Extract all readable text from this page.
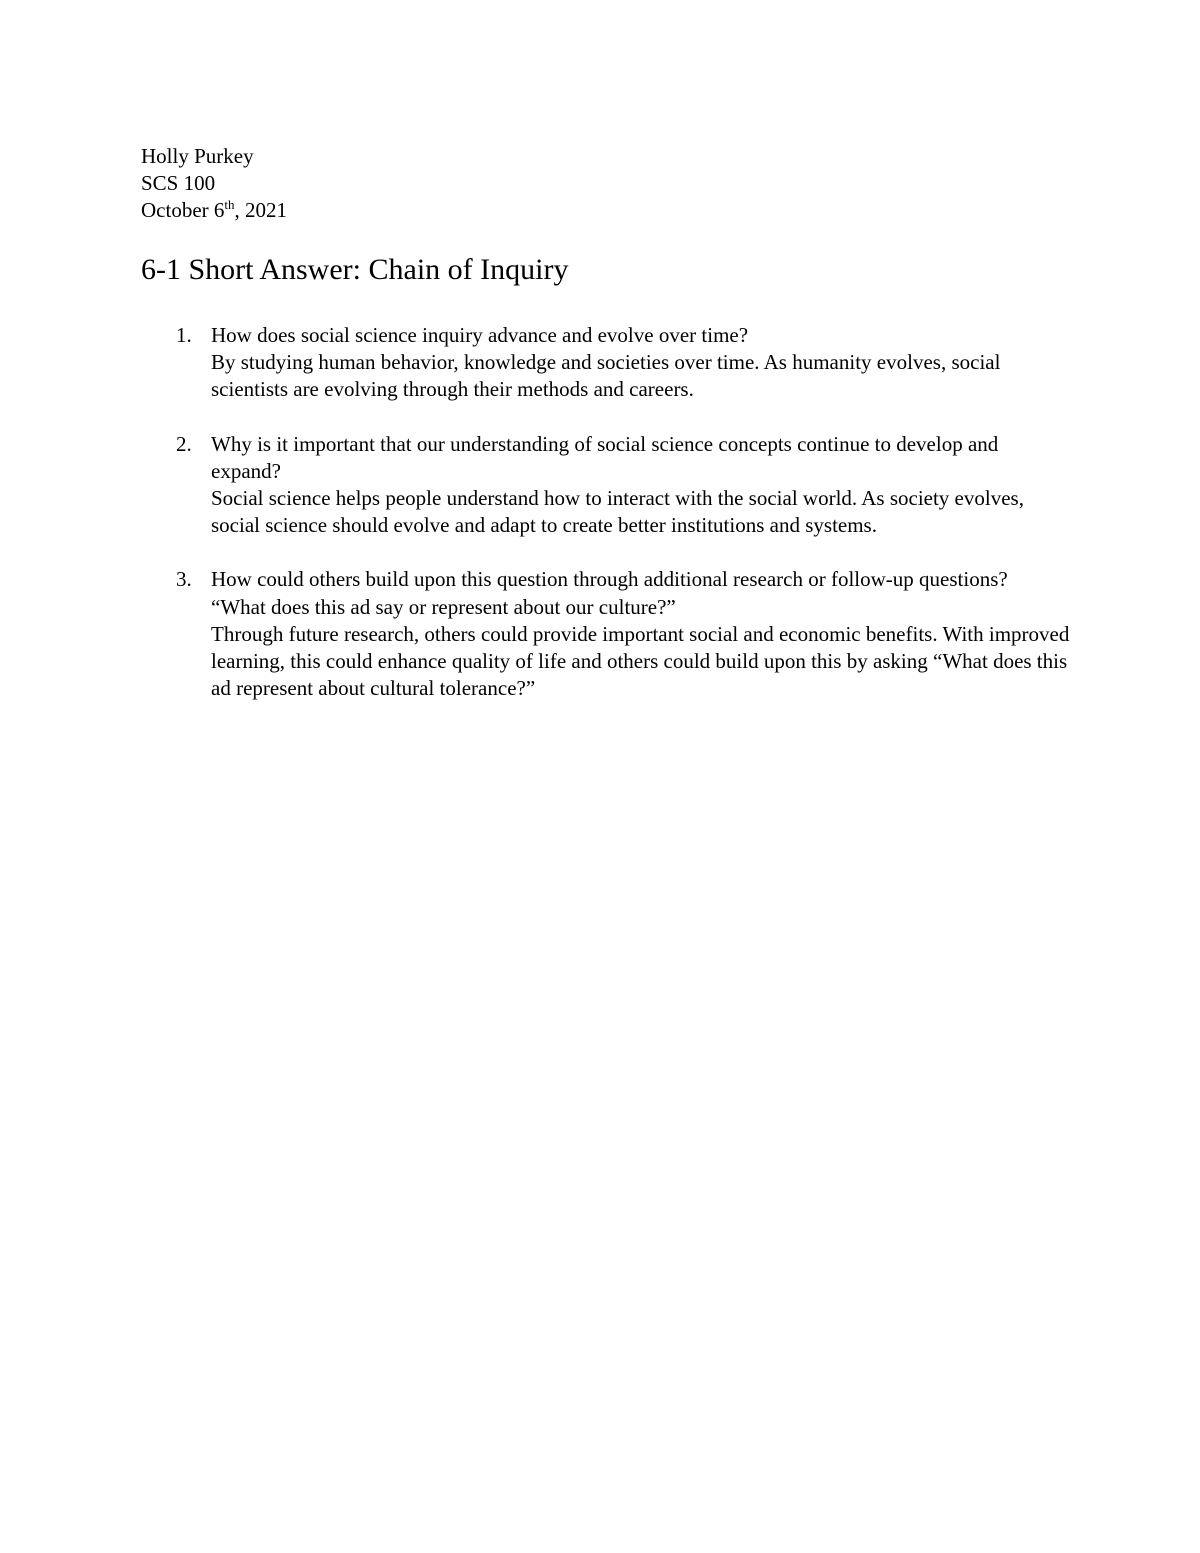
Holly Purkey
SCS 100
October 6th, 2021
6-1 Short Answer: Chain of Inquiry
1. How does social science inquiry advance and evolve over time?
By studying human behavior, knowledge and societies over time. As humanity evolves, social scientists are evolving through their methods and careers.
2. Why is it important that our understanding of social science concepts continue to develop and expand?
Social science helps people understand how to interact with the social world. As society evolves, social science should evolve and adapt to create better institutions and systems.
3. How could others build upon this question through additional research or follow-up questions?
“What does this ad say or represent about our culture?”
Through future research, others could provide important social and economic benefits. With improved learning, this could enhance quality of life and others could build upon this by asking “What does this ad represent about cultural tolerance?”
